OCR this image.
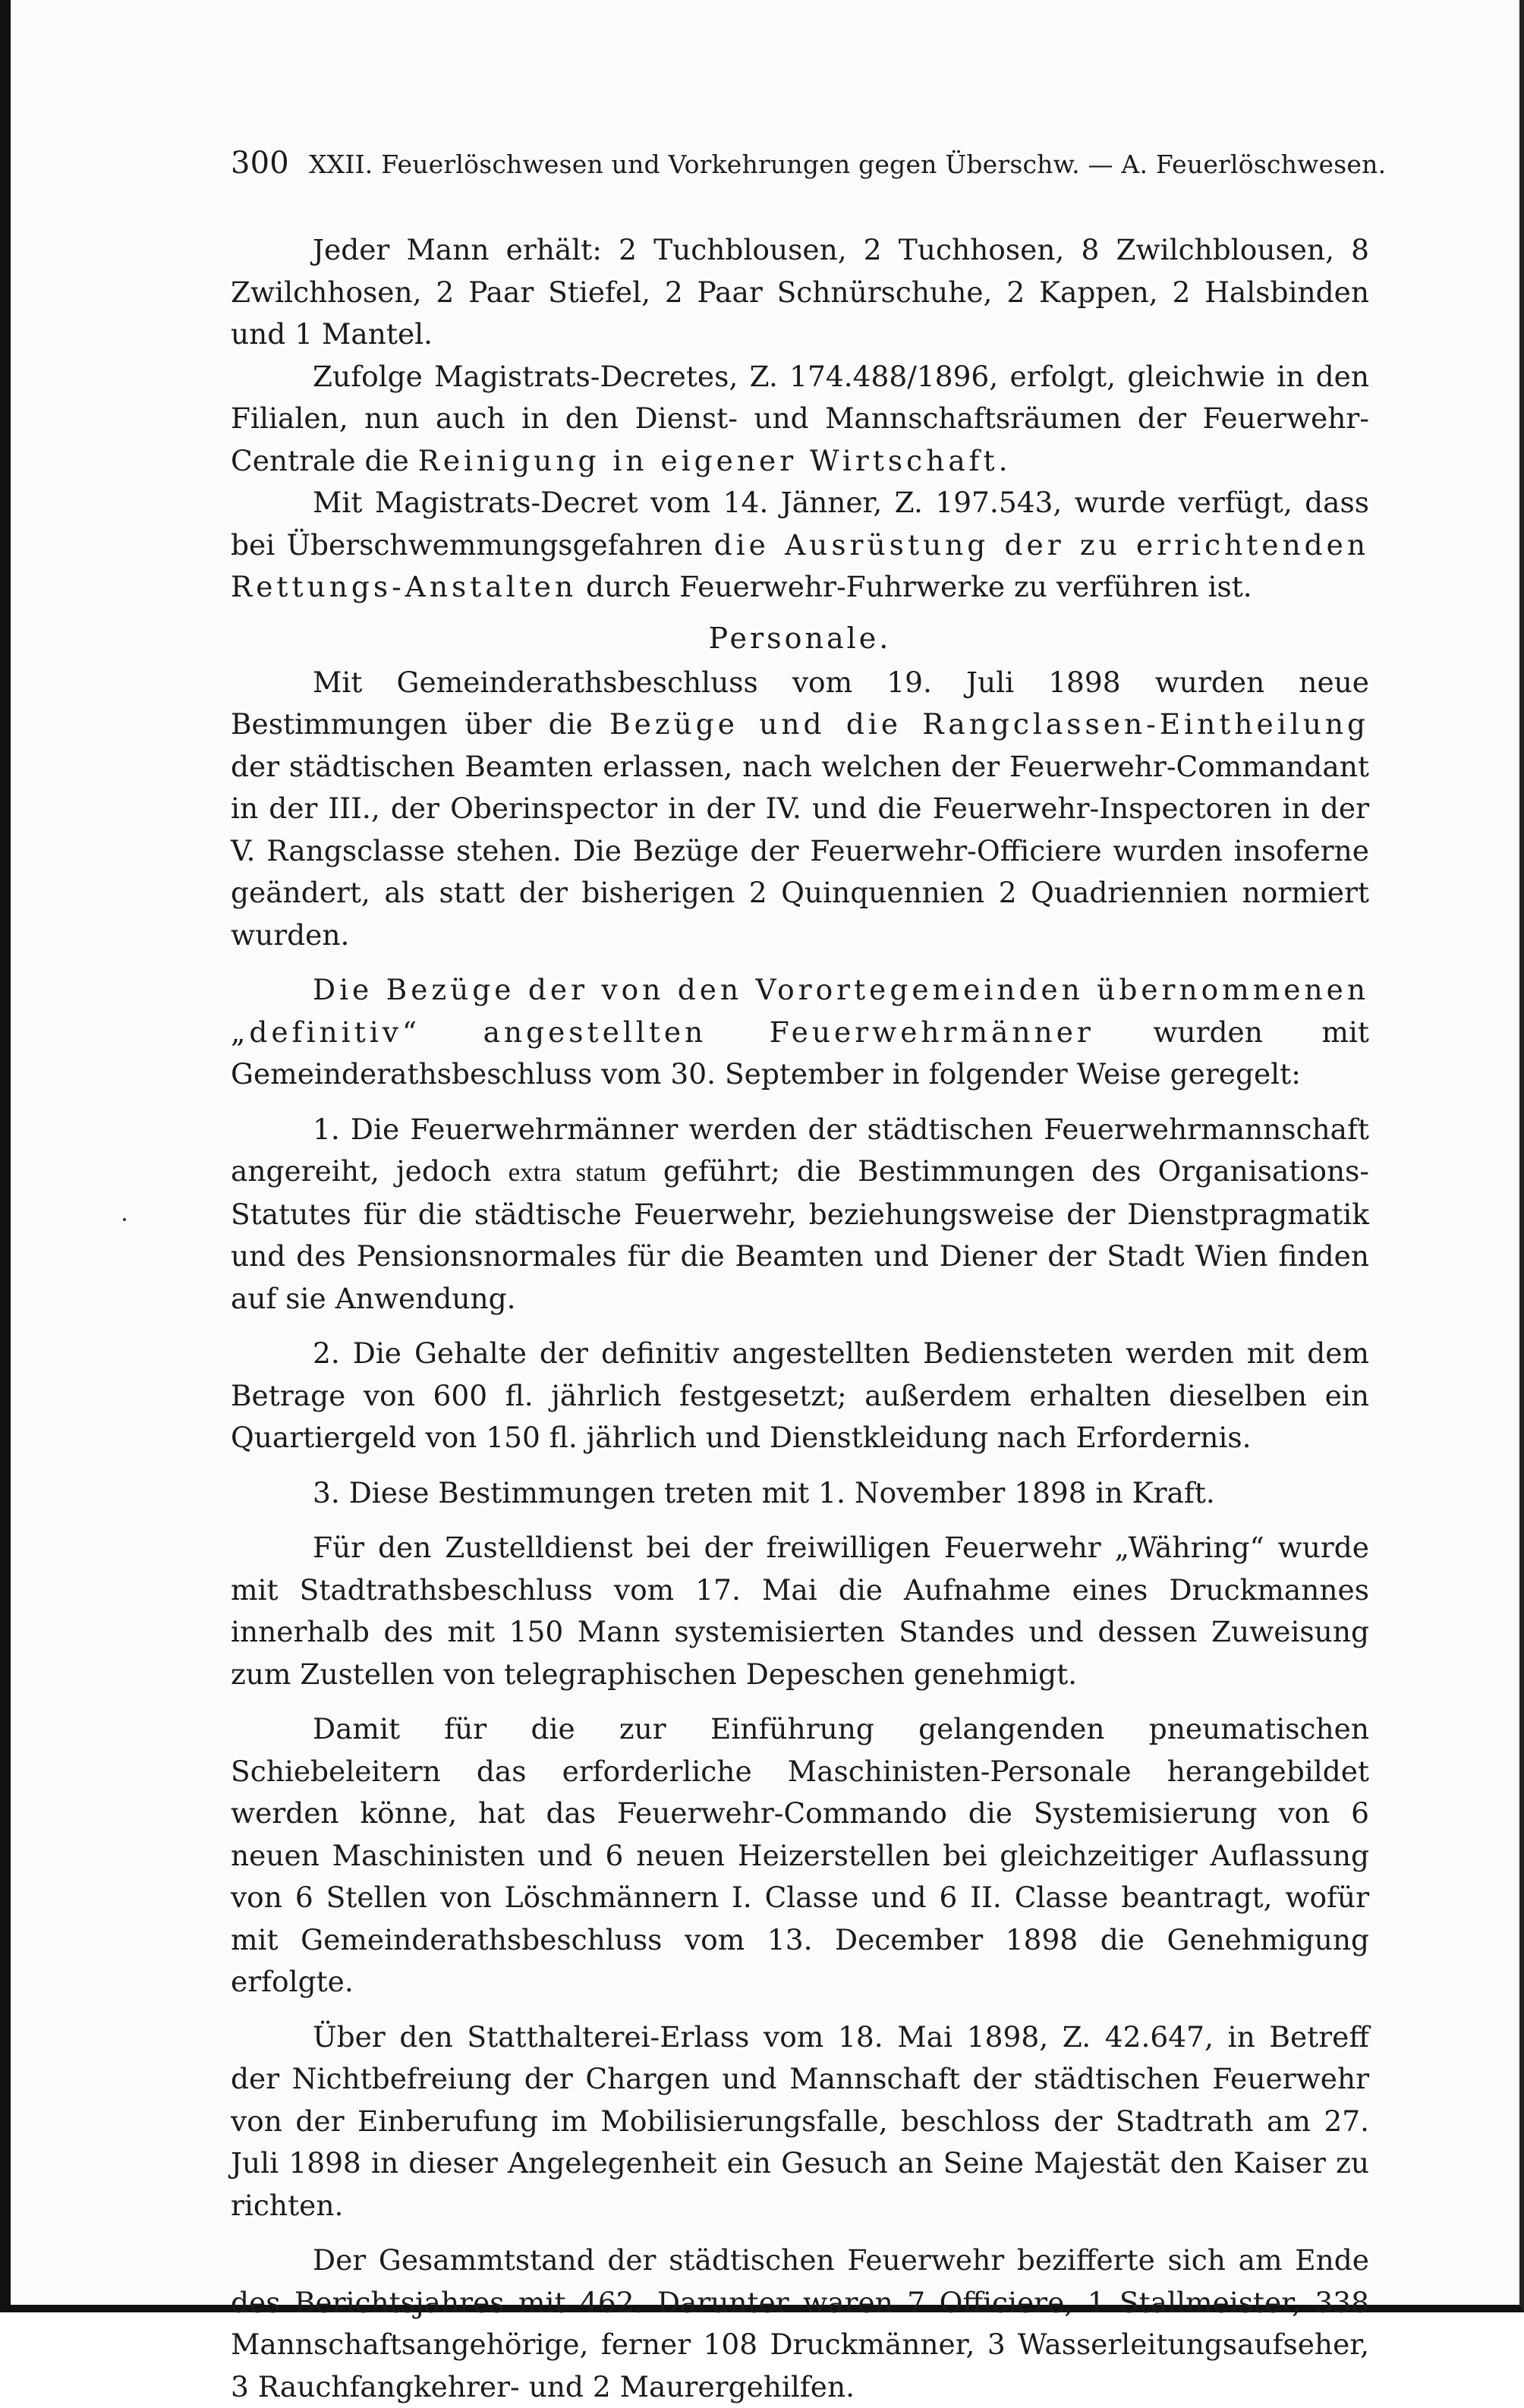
300 XXII. Feuerlöschwesen und Vorkehrungen gegen Überschw. — A. Feuerlöschwesen.

Jeder Mann erhält: 2 Tuchblousen, 2 Tuchhosen, 8 Zwilchblousen, 8 Zwilchhosen, 2 Paar Stiefel, 2 Paar Schnürschuhe, 2 Kappen, 2 Halsbinden und 1 Mantel.

Zufolge Magistrats-Decretes, Z. 174.488/1896, erfolgt, gleichwie in den Filialen, nun auch in den Dienst- und Mannschaftsräumen der Feuerwehr-Centrale die Reinigung in eigener Wirtschaft.

Mit Magistrats-Decret vom 14. Jänner, Z. 197.543, wurde verfügt, dass bei Überschwemmungsgefahren die Ausrüstung der zu errichtenden Rettungs-Anstalten durch Feuerwehr-Fuhrwerke zu verführen ist.

Personale.

Mit Gemeinderathsbeschluss vom 19. Juli 1898 wurden neue Bestimmungen über die Bezüge und die Rangclassen-Eintheilung der städtischen Beamten erlassen, nach welchen der Feuerwehr-Commandant in der III., der Oberinspector in der IV. und die Feuerwehr-Inspectoren in der V. Rangsclasse stehen. Die Bezüge der Feuerwehr-Officiere wurden insoferne geändert, als statt der bisherigen 2 Quinquennien 2 Quadriennien normiert wurden.

Die Bezüge der von den Vorortegemeinden übernommenen „definitiv“ angestellten Feuerwehrmänner wurden mit Gemeinderathsbeschluss vom 30. September in folgender Weise geregelt:

1. Die Feuerwehrmänner werden der städtischen Feuerwehrmannschaft angereiht, jedoch extra statum geführt; die Bestimmungen des Organisations-Statutes für die städtische Feuerwehr, beziehungsweise der Dienstpragmatik und des Pensionsnormales für die Beamten und Diener der Stadt Wien finden auf sie Anwendung.

2. Die Gehalte der definitiv angestellten Bediensteten werden mit dem Betrage von 600 fl. jährlich festgesetzt; außerdem erhalten dieselben ein Quartiergeld von 150 fl. jährlich und Dienstkleidung nach Erfordernis.

3. Diese Bestimmungen treten mit 1. November 1898 in Kraft.

Für den Zustelldienst bei der freiwilligen Feuerwehr „Währing“ wurde mit Stadtrathsbeschluss vom 17. Mai die Aufnahme eines Druckmannes innerhalb des mit 150 Mann systemisierten Standes und dessen Zuweisung zum Zustellen von telegraphischen Depeschen genehmigt.

Damit für die zur Einführung gelangenden pneumatischen Schiebeleitern das erforderliche Maschinisten-Personale herangebildet werden könne, hat das Feuerwehr-Commando die Systemisierung von 6 neuen Maschinisten und 6 neuen Heizerstellen bei gleichzeitiger Auflassung von 6 Stellen von Löschmännern I. Classe und 6 II. Classe beantragt, wofür mit Gemeinderathsbeschluss vom 13. December 1898 die Genehmigung erfolgte.

Über den Statthalterei-Erlass vom 18. Mai 1898, Z. 42.647, in Betreff der Nichtbefreiung der Chargen und Mannschaft der städtischen Feuerwehr von der Einberufung im Mobilisierungsfalle, beschloss der Stadtrath am 27. Juli 1898 in dieser Angelegenheit ein Gesuch an Seine Majestät den Kaiser zu richten.

Der Gesammtstand der städtischen Feuerwehr bezifferte sich am Ende des Berichtsjahres mit 462. Darunter waren 7 Officiere, 1 Stallmeister, 338 Mannschaftsangehörige, ferner 108 Druckmänner, 3 Wasserleitungsaufseher, 3 Rauchfangkehrer- und 2 Maurergehilfen.
